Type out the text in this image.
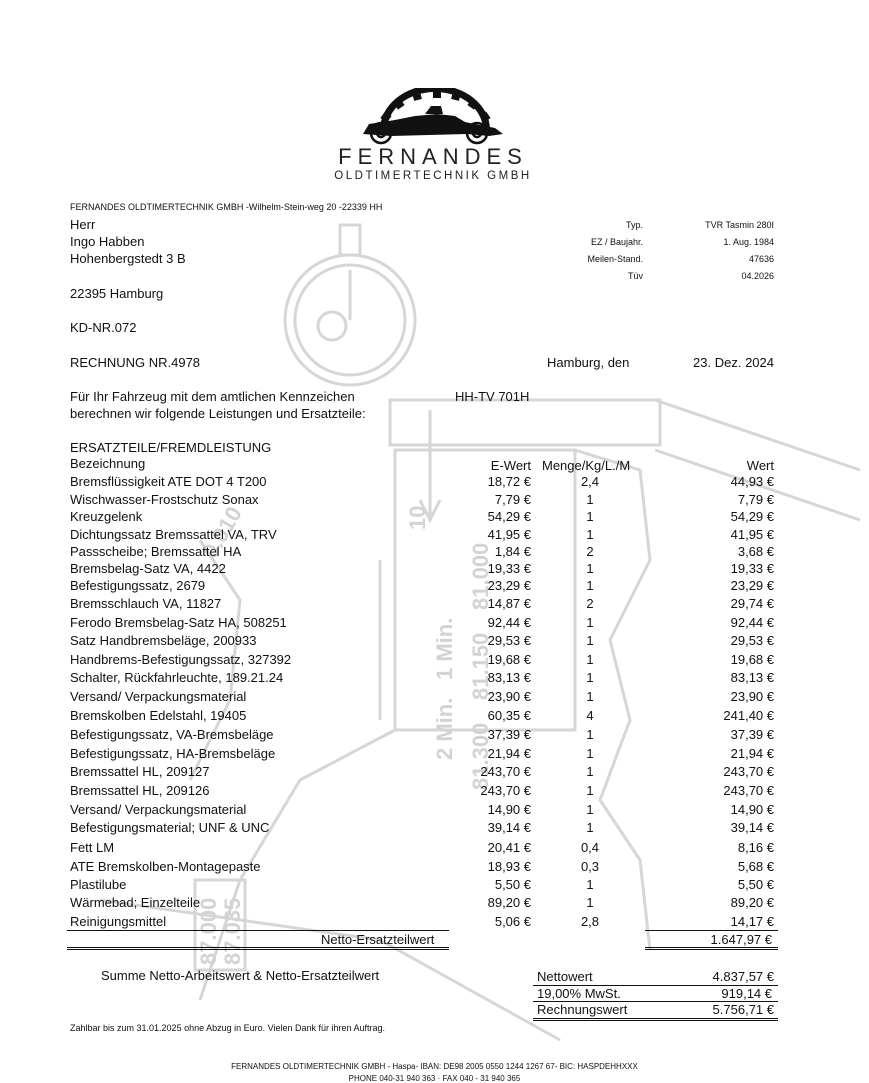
10
1 Min.
2 Min.
81.000
81.150
81.300
0.010
87.000 87.035
FERNANDES
OLDTIMERTECHNIK GMBH
FERNANDES OLDTIMERTECHNIK GMBH -Wilhelm-Stein-weg 20 -22339 HH
Herr
Ingo Habben
Hohenbergstedt 3 B
22395 Hamburg
KD-NR.072
Typ.	TVR Tasmin 280I
EZ / Baujahr.	1. Aug. 1984
Meilen-Stand.	47636
Tüv	04.2026
RECHNUNG NR.4978	Hamburg, den	23. Dez. 2024
Für Ihr Fahrzeug mit dem amtlichen Kennzeichen	HH-TV 701H
berechnen wir folgende Leistungen und Ersatzteile:
ERSATZTEILE/FREMDLEISTUNG
Bezeichnung	E-Wert Menge/Kg/L./M	Wert
Bremsflüssigkeit ATE DOT 4 T200	18,72 €	2,4	44,93 €
Wischwasser-Frostschutz Sonax	7,79 €	1	7,79 €
Kreuzgelenk	54,29 €	1	54,29 €
Dichtungssatz Bremssattel VA, TRV	41,95 €	1	41,95 €
Passscheibe; Bremssattel HA	1,84 €	2	3,68 €
Bremsbelag-Satz VA, 4422	19,33 €	1	19,33 €
Befestigungssatz, 2679	23,29 €	1	23,29 €
Bremsschlauch VA, 11827	14,87 €	2	29,74 €
Ferodo Bremsbelag-Satz HA, 508251	92,44 €	1	92,44 €
Satz Handbremsbeläge, 200933	29,53 €	1	29,53 €
Handbrems-Befestigungssatz, 327392	19,68 €	1	19,68 €
Schalter, Rückfahrleuchte, 189.21.24	83,13 €	1	83,13 €
Versand/ Verpackungsmaterial	23,90 €	1	23,90 €
Bremskolben Edelstahl, 19405	60,35 €	4	241,40 €
Befestigungssatz, VA-Bremsbeläge	37,39 €	1	37,39 €
Befestigungssatz, HA-Bremsbeläge	21,94 €	1	21,94 €
Bremssattel HL, 209127	243,70 €	1	243,70 €
Bremssattel HL, 209126	243,70 €	1	243,70 €
Versand/ Verpackungsmaterial	14,90 €	1	14,90 €
Befestigungsmaterial; UNF & UNC	39,14 €	1	39,14 €
Fett LM	20,41 €	0,4	8,16 €
ATE Bremskolben-Montagepaste	18,93 €	0,3	5,68 €
Plastilube	5,50 €	1	5,50 €
Wärmebad; Einzelteile	89,20 €	1	89,20 €
Reinigungsmittel	5,06 €	2,8	14,17 €
Netto-Ersatzteilwert	1.647,97 €
Summe Netto-Arbeitswert & Netto-Ersatzteilwert	Nettowert	4.837,57 €
19,00% MwSt.	919,14 €
Rechnungswert	5.756,71 €
Zahlbar bis zum 31.01.2025 ohne Abzug in Euro. Vielen Dank für ihren Auftrag.
FERNANDES OLDTIMERTECHNIK GMBH - Haspa- IBAN: DE98 2005 0550 1244 1267 67- BIC: HASPDEHHXXX
PHONE 040-31 940 363 · FAX 040 - 31 940 365
